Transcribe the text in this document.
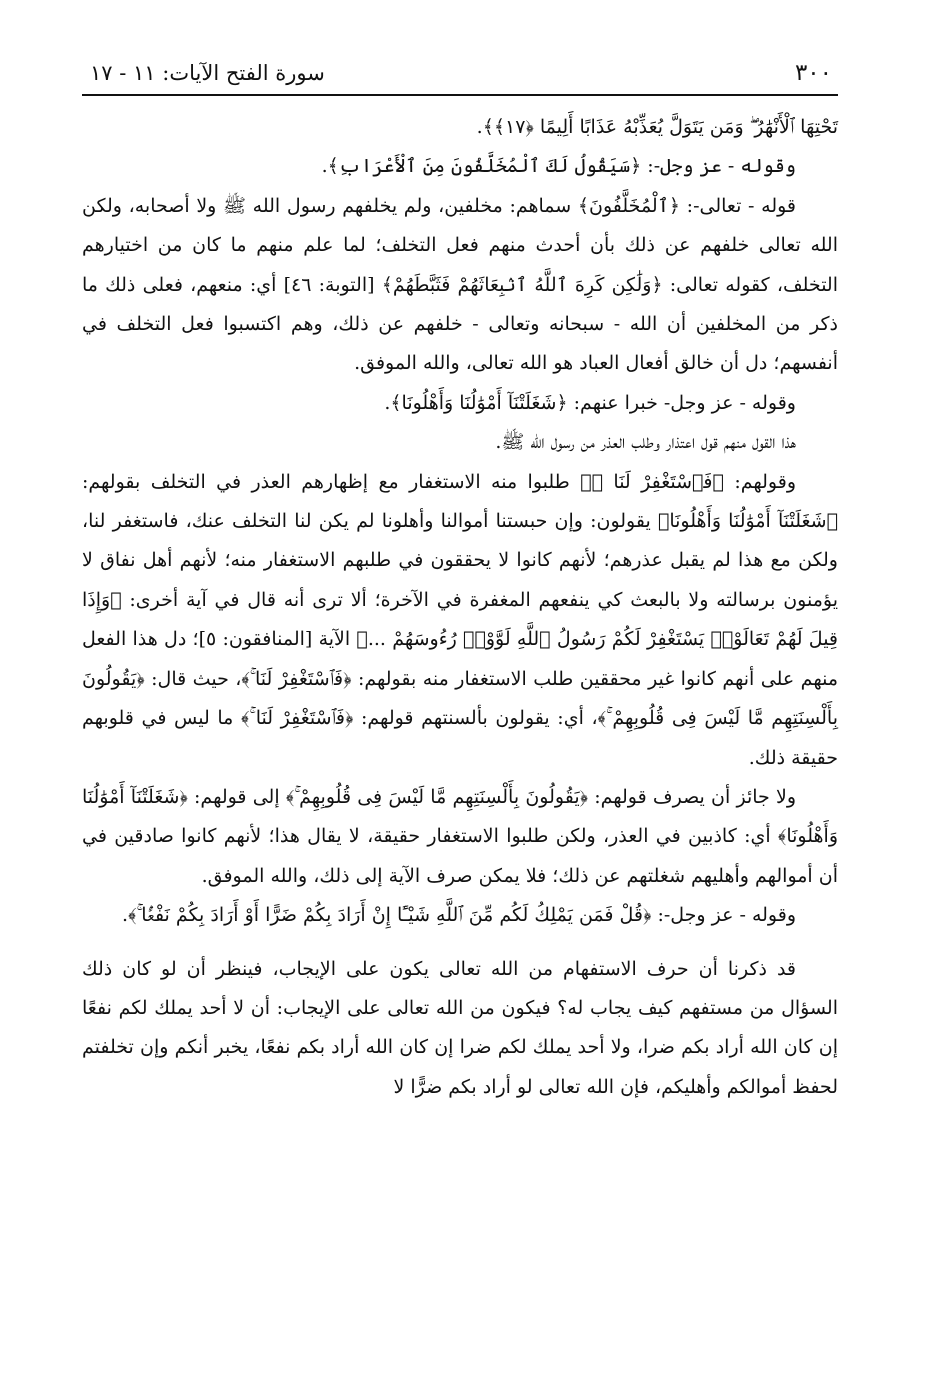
٣٠٠
سورة الفتح الآيات: ١١ - ١٧

تَحْتِهَا ٱلْأَنْهَٰرُ ۖ وَمَن يَتَوَلَّ يُعَذِّبْهُ عَذَابًا أَلِيمًا ﴿١٧﴾﴾.

وقوله - عز وجل-: ﴿سَيَقُولُ لَكَ ٱلْمُخَلَّفُونَ مِنَ ٱلْأَعْرَابِ﴾.

قوله - تعالى-: ﴿ٱلْمُخَلَّفُونَ﴾ سماهم: مخلفين، ولم يخلفهم رسول الله ﷺ ولا أصحابه، ولكن الله تعالى خلفهم عن ذلك بأن أحدث منهم فعل التخلف؛ لما علم منهم ما كان من اختيارهم التخلف، كقوله تعالى: ﴿وَلَٰكِن كَرِهَ ٱللَّهُ ٱنۢبِعَاثَهُمْ فَثَبَّطَهُمْ﴾ [التوبة: ٤٦] أي: منعهم، فعلى ذلك ما ذكر من المخلفين أن الله - سبحانه وتعالى - خلفهم عن ذلك، وهم اكتسبوا فعل التخلف في أنفسهم؛ دل أن خالق أفعال العباد هو الله تعالى، والله الموفق.

وقوله - عز وجل- خبرا عنهم: ﴿شَغَلَتْنَآ أَمْوَٰلُنَا وَأَهْلُونَا﴾.

هذا القول منهم قول اعتذار وطلب العذر من رسول الله ﷺ.

وقولهم: ﴿فَٱسْتَغْفِرْ لَنَا ۚ﴾ طلبوا منه الاستغفار مع إظهارهم العذر في التخلف بقولهم: ﴿شَغَلَتْنَآ أَمْوَٰلُنَا وَأَهْلُونَا﴾ يقولون: وإن حبستنا أموالنا وأهلونا لم يكن لنا التخلف عنك، فاستغفر لنا، ولكن مع هذا لم يقبل عذرهم؛ لأنهم كانوا لا يحققون في طلبهم الاستغفار منه؛ لأنهم أهل نفاق لا يؤمنون برسالته ولا بالبعث كي ينفعهم المغفرة في الآخرة؛ ألا ترى أنه قال في آية أخرى: ﴿وَإِذَا قِيلَ لَهُمْ تَعَالَوْا۟ يَسْتَغْفِرْ لَكُمْ رَسُولُ ٱللَّهِ لَوَّوْا۟ رُءُوسَهُمْ ...﴾ الآية [المنافقون: ٥]؛ دل هذا الفعل منهم على أنهم كانوا غير محققين طلب الاستغفار منه بقولهم: ﴿فَٱسْتَغْفِرْ لَنَا ۚ﴾، حيث قال: ﴿يَقُولُونَ بِأَلْسِنَتِهِم مَّا لَيْسَ فِى قُلُوبِهِمْ ۚ﴾، أي: يقولون بألسنتهم قولهم: ﴿فَٱسْتَغْفِرْ لَنَا ۚ﴾ ما ليس في قلوبهم حقيقة ذلك.

ولا جائز أن يصرف قولهم: ﴿يَقُولُونَ بِأَلْسِنَتِهِم مَّا لَيْسَ فِى قُلُوبِهِمْ ۚ﴾ إلى قولهم: ﴿شَغَلَتْنَآ أَمْوَٰلُنَا وَأَهْلُونَا﴾ أي: كاذبين في العذر، ولكن طلبوا الاستغفار حقيقة، لا يقال هذا؛ لأنهم كانوا صادقين في أن أموالهم وأهليهم شغلتهم عن ذلك؛ فلا يمكن صرف الآية إلى ذلك، والله الموفق.

وقوله - عز وجل-: ﴿قُلْ فَمَن يَمْلِكُ لَكُم مِّنَ ٱللَّهِ شَيْـًٔا إِنْ أَرَادَ بِكُمْ ضَرًّا أَوْ أَرَادَ بِكُمْ نَفْعًۢا ۚ﴾.

قد ذكرنا أن حرف الاستفهام من الله تعالى يكون على الإيجاب، فينظر أن لو كان ذلك السؤال من مستفهم كيف يجاب له؟ فيكون من الله تعالى على الإيجاب: أن لا أحد يملك لكم نفعًا إن كان الله أراد بكم ضرا، ولا أحد يملك لكم ضرا إن كان الله أراد بكم نفعًا، يخبر أنكم وإن تخلفتم لحفظ أموالكم وأهليكم، فإن الله تعالى لو أراد بكم ضرًّا لا
